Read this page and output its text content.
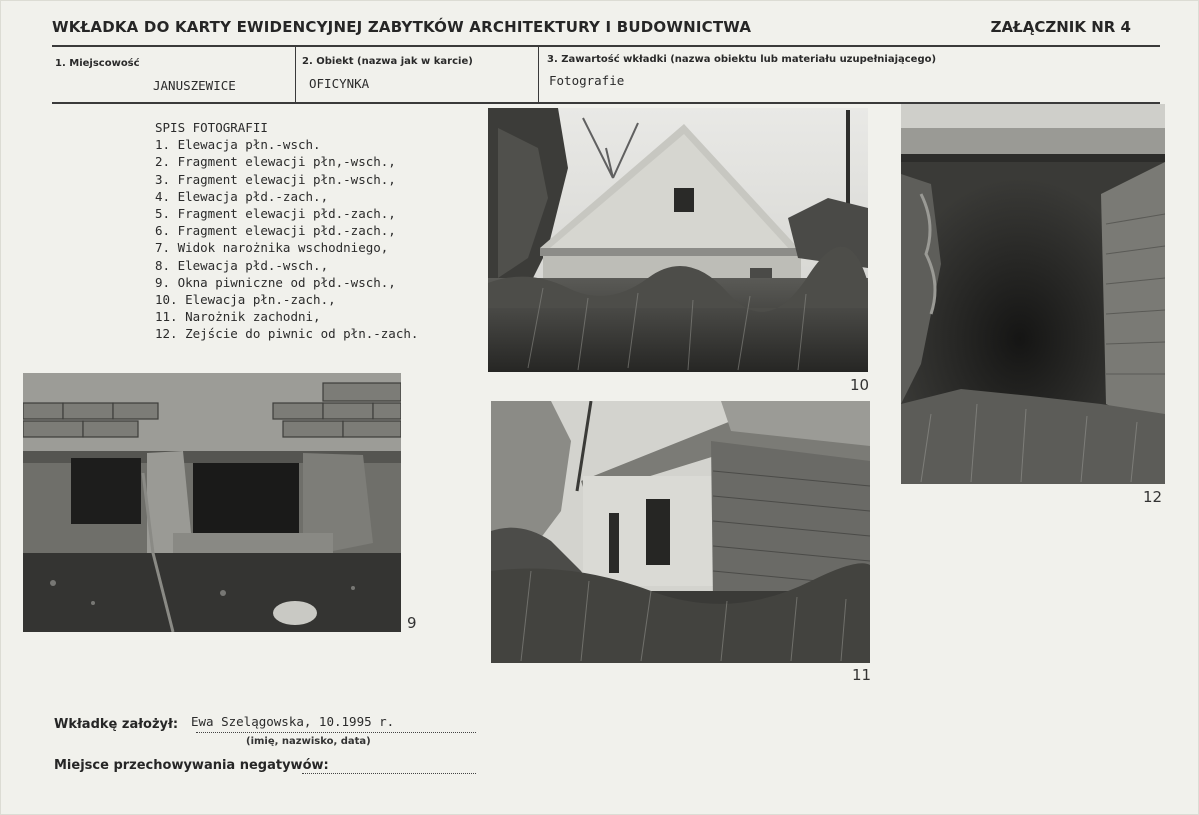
WKŁADKA DO KARTY EWIDENCYJNEJ ZABYTKÓW ARCHITEKTURY I BUDOWNICTWA	ZAŁĄCZNIK NR 4
1. Miejscowość
JANUSZEWICE
2. Obiekt (nazwa jak w karcie)
OFICYNKA
3. Zawartość wkładki (nazwa obiektu lub materiału uzupełniającego)
Fotografie
SPIS FOTOGRAFII
1. Elewacja płn.-wsch.
2. Fragment elewacji płn,-wsch.,
3. Fragment elewacji płn.-wsch.,
4. Elewacja płd.-zach.,
5. Fragment elewacji płd.-zach.,
6. Fragment elewacji płd.-zach.,
7. Widok narożnika wschodniego,
8. Elewacja płd.-wsch.,
9. Okna piwniczne od płd.-wsch.,
10. Elewacja płn.-zach.,
11. Narożnik zachodni,
12. Zejście do piwnic od płn.-zach.
10
12
9
11
Wkładkę założył: Ewa Szelągowska, 10.1995 r.
(imię, nazwisko, data)
Miejsce przechowywania negatywów:
